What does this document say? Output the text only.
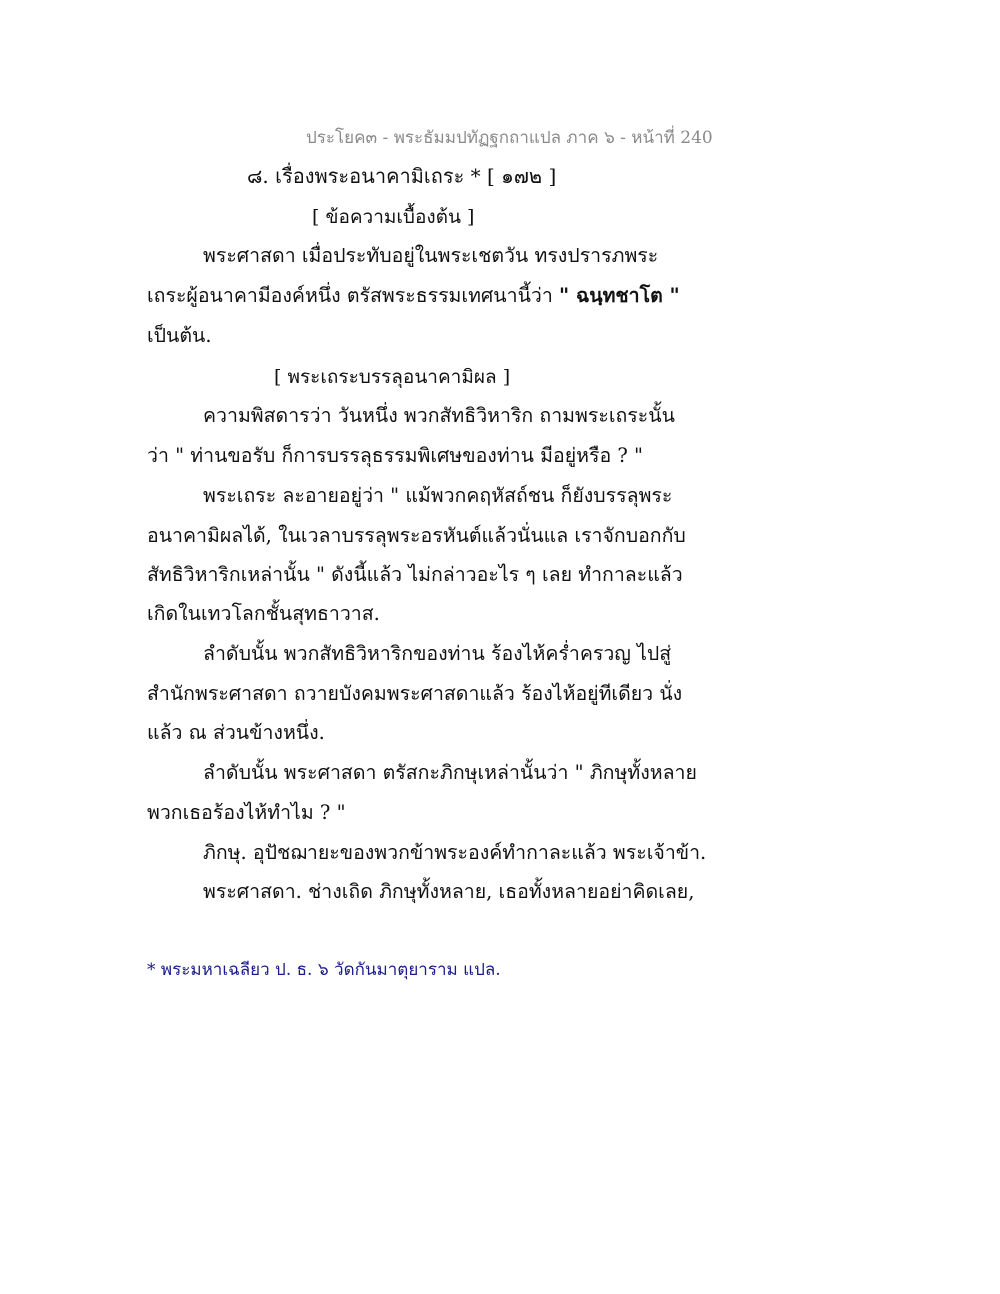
ประโยค๓ - พระธัมมปทัฏฐกถาแปล ภาค ๖ - หน้าที่ 240
๘. เรื่องพระอนาคามิเถระ * [ ๑๗๒ ]
[ ข้อความเบื้องต้น ]
พระศาสดา เมื่อประทับอยู่ในพระเชตวัน ทรงปรารภพระ
เถระผู้อนาคามีองค์หนึ่ง ตรัสพระธรรมเทศนานี้ว่า " ฉนฺทชาโต "
เป็นต้น.
[ พระเถระบรรลุอนาคามิผล ]
ความพิสดารว่า วันหนึ่ง พวกสัทธิวิหาริก ถามพระเถระนั้น
ว่า " ท่านขอรับ ก็การบรรลุธรรมพิเศษของท่าน มีอยู่หรือ ? "
พระเถระ ละอายอยู่ว่า " แม้พวกคฤหัสถ์ชน ก็ยังบรรลุพระ
อนาคามิผลได้, ในเวลาบรรลุพระอรหันต์แล้วนั่นแล เราจักบอกกับ
สัทธิวิหาริกเหล่านั้น " ดังนี้แล้ว ไม่กล่าวอะไร ๆ เลย ทำกาละแล้ว
เกิดในเทวโลกชั้นสุทธาวาส.
ลำดับนั้น พวกสัทธิวิหาริกของท่าน ร้องไห้คร่ำครวญ ไปสู่
สำนักพระศาสดา ถวายบังคมพระศาสดาแล้ว ร้องไห้อยู่ทีเดียว นั่ง
แล้ว ณ ส่วนข้างหนึ่ง.
ลำดับนั้น พระศาสดา ตรัสกะภิกษุเหล่านั้นว่า " ภิกษุทั้งหลาย
พวกเธอร้องไห้ทำไม ? "
ภิกษุ. อุปัชฌายะของพวกข้าพระองค์ทำกาละแล้ว พระเจ้าข้า.
พระศาสดา. ช่างเถิด ภิกษุทั้งหลาย, เธอทั้งหลายอย่าคิดเลย,
* พระมหาเฉลียว ป. ธ. ๖ วัดกันมาตุยาราม แปล.
